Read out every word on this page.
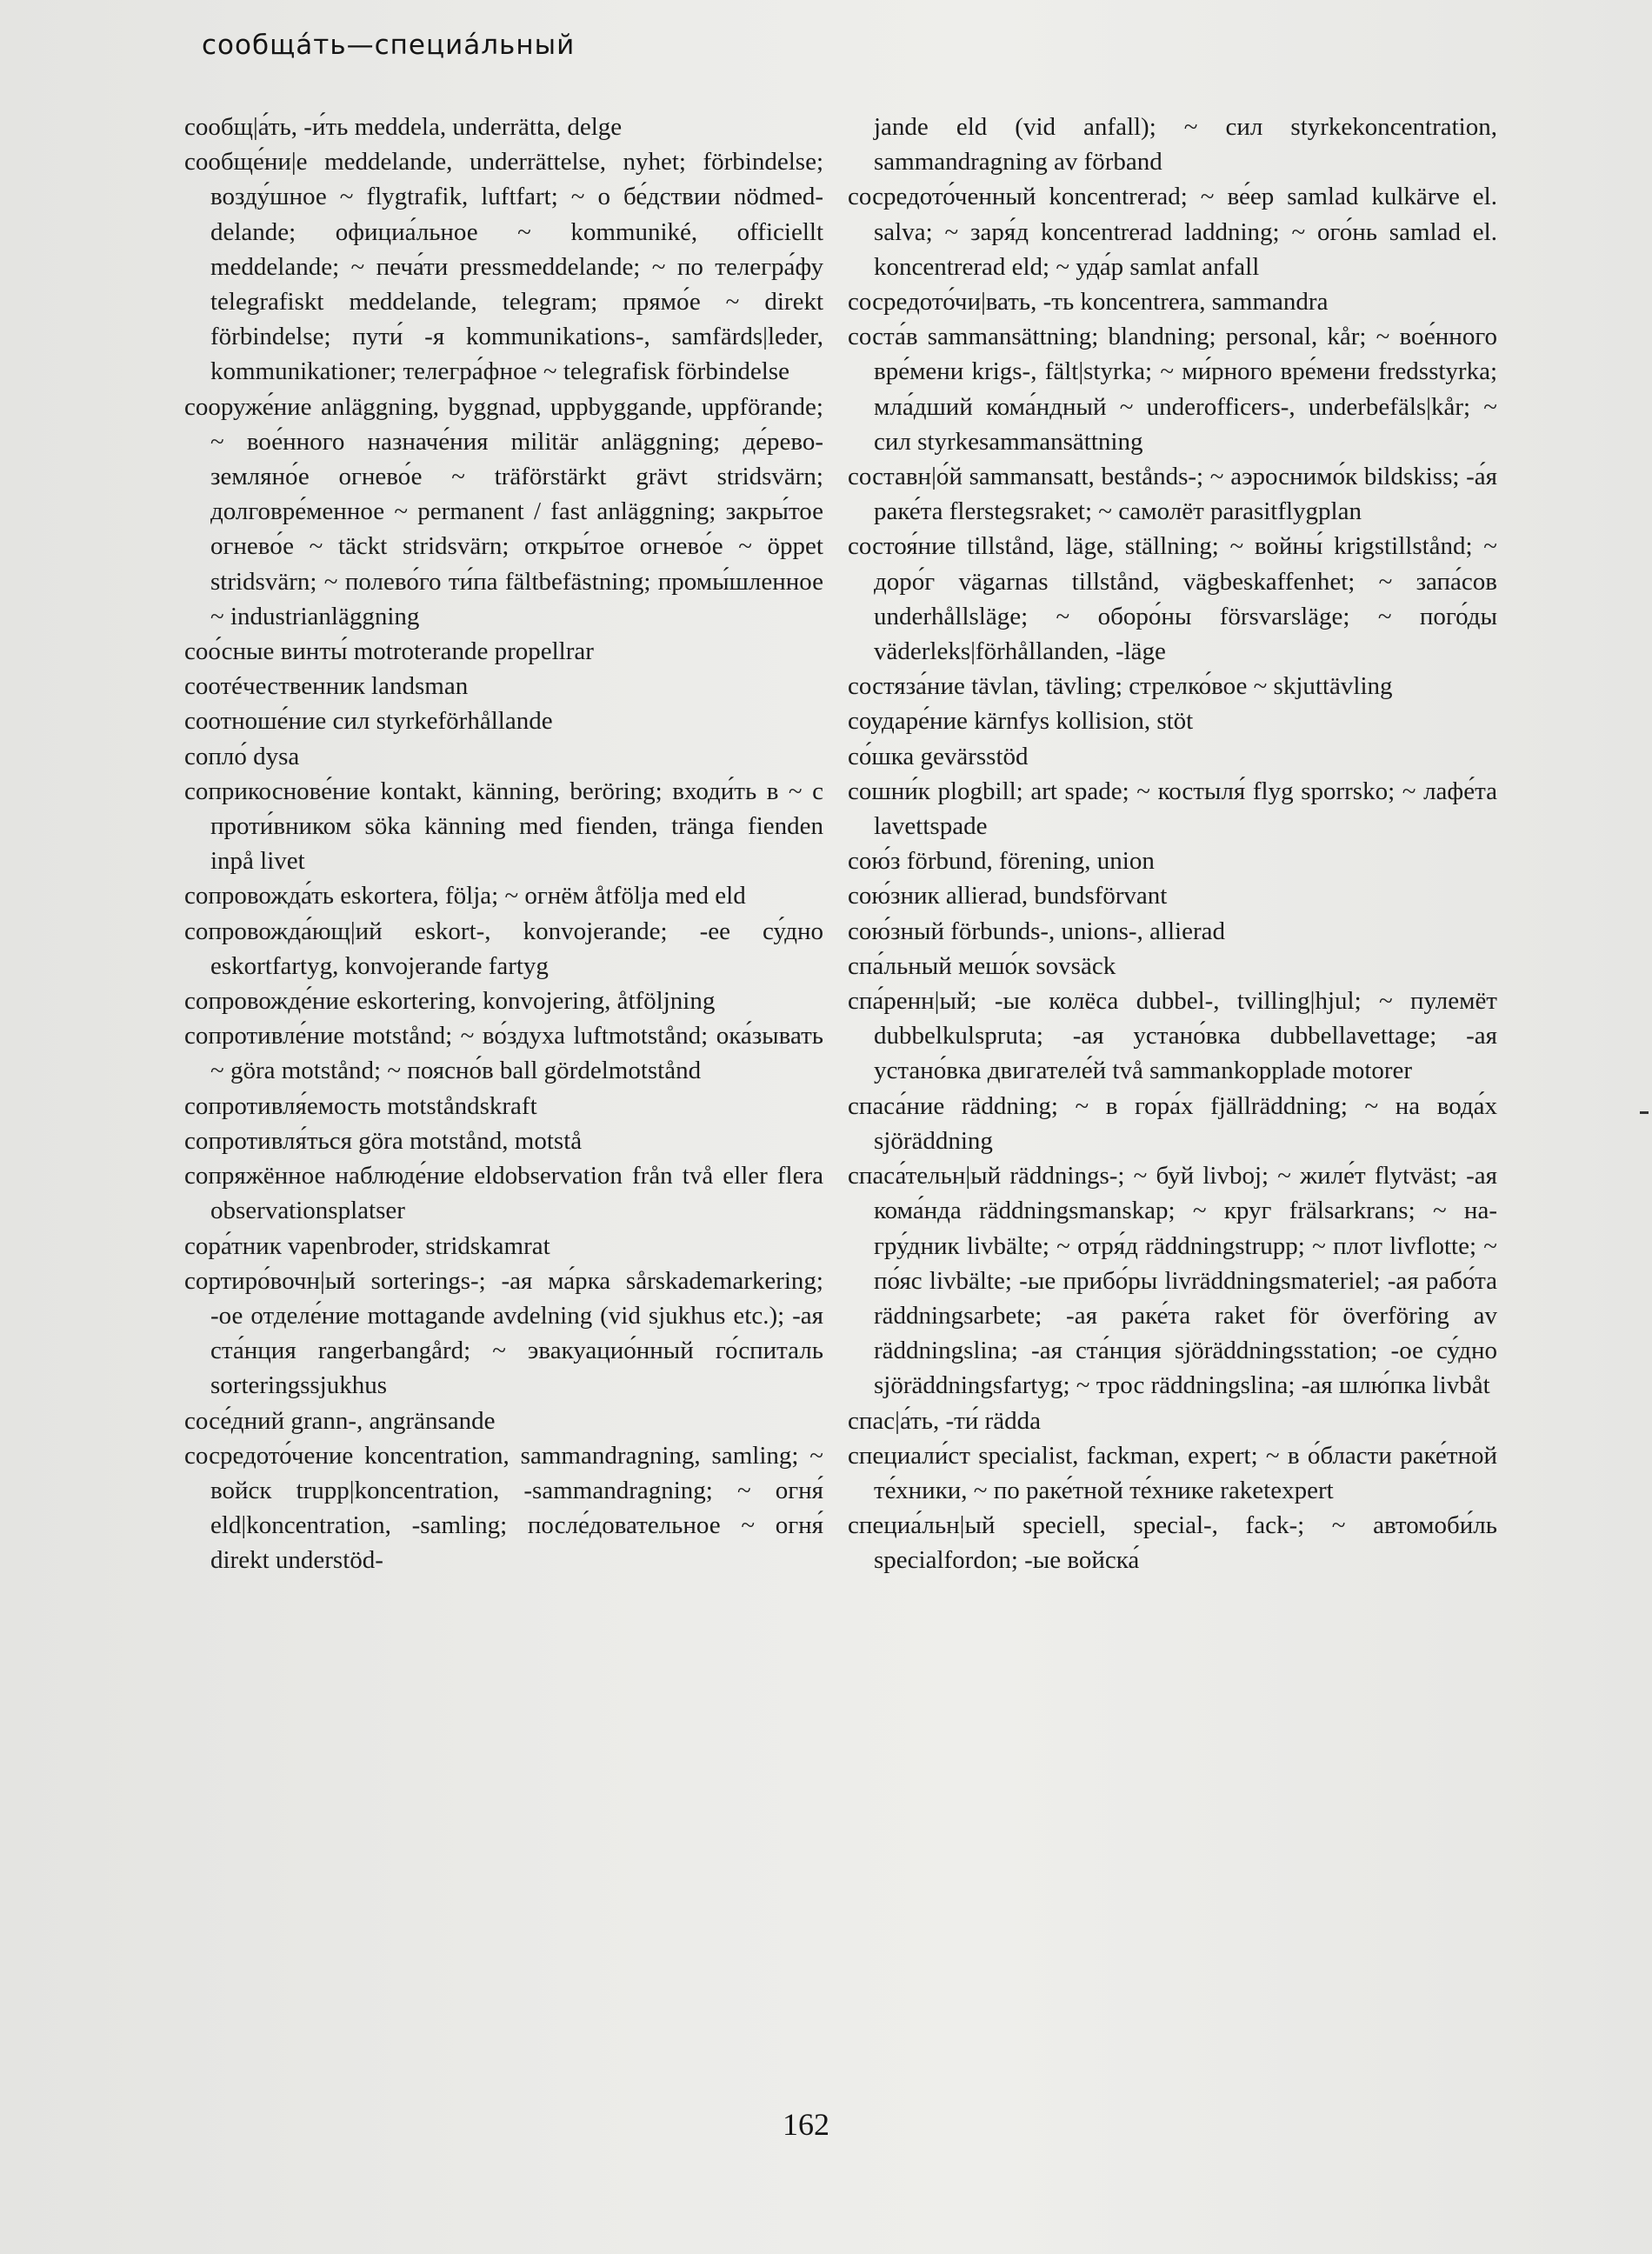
сообща́ть—специа́льный

сообщ|а́ть, -и́ть meddela, underrätta, delge

сообще́ни|е meddelande, underrättelse, nyhet; förbindelse; возду́шное ~ flygtrafik, luftfart; ~ о бе́дствии nödmeddelande; официа́льное ~ kommuniké, officiellt meddelande; ~ печа́ти pressmeddelande; ~ по телегра́фу telegrafiskt meddelande, telegram; прямо́е ~ direkt förbindelse; пути́ -я kommunikations-, samfärds|leder, kommunikationer; телегра́фное ~ telegrafisk förbindelse

сооруже́ние anläggning, byggnad, uppbyggande, uppförande; ~ вое́нного назначе́ния militär anläggning; де́рево-земляно́е огнево́е ~ träförstärkt grävt stridsvärn; долговре́менное ~ permanent / fast anläggning; закры́тое огнево́е ~ täckt stridsvärn; откры́тое огнево́е ~ öppet stridsvärn; ~ полево́го ти́па fältbefästning; промы́шленное ~ industrianläggning

соо́сные винты́ motroterande propellrar

соотéчественник landsman

соотноше́ние сил styrkeförhållande

сопло́ dysa

соприкоснове́ние kontakt, känning, beröring; входи́ть в ~ с проти́вником söka känning med fienden, tränga fienden inpå livet

сопровожда́ть eskortera, följa; ~ огнём åtfölja med eld

сопровожда́ющ|ий eskort-, konvojerande; -ее су́дно eskortfartyg, konvojerande fartyg

сопровожде́ние eskortering, konvojering, åtföljning

сопротивле́ние motstånd; ~ во́здуха luftmotstånd; ока́зывать ~ göra motstånd; ~ поясно́в ball gördelmotstånd

сопротивля́емость motståndskraft

сопротивля́ться göra motstånd, motstå

сопряжённое наблюде́ние eldobservation från två eller flera observationsplatser

сора́тник vapenbroder, stridskamrat

сортиро́вочн|ый sorterings-; -ая ма́рка sårskademarkering; -ое отделе́ние mottagande avdelning (vid sjukhus etc.); -ая ста́нция rangerbangård; ~ эвакуацио́нный го́спиталь sorteringssjukhus

сосе́дний grann-, angränsande

сосредото́чение koncentration, sammandragning, samling; ~ войск trupp|koncentration, -sammandragning; ~ огня́ eld|koncentration, -samling; после́довательное ~ огня́ direkt understöd-

jande eld (vid anfall); ~ сил styrkekoncentration, sammandragning av förband

сосредото́ченный koncentrerad; ~ ве́ер samlad kulkärve el. salva; ~ заря́д koncentrerad laddning; ~ ого́нь samlad el. koncentrerad eld; ~ уда́р samlat anfall

сосредото́чи|вать, -ть koncentrera, sammandra

соста́в sammansättning; blandning; personal, kår; ~ вое́нного вре́мени krigs-, fält|styrka; ~ ми́рного вре́мени fredsstyrka; мла́дший кома́ндный ~ underofficers-, underbefäls|kår; ~ сил styrkesammansättning

составн|о́й sammansatt, bestånds-; ~ аэроснимо́к bildskiss; -а́я раке́та flerstegsraket; ~ самолёт parasitflygplan

состоя́ние tillstånd, läge, ställning; ~ войны́ krigstillstånd; ~ доро́г vägarnas tillstånd, vägbeskaffenhet; ~ запа́сов underhållsläge; ~ оборо́ны försvarsläge; ~ пого́ды väderleks|förhållanden, -läge

состяза́ние tävlan, tävling; стрелко́вое ~ skjuttävling

соударе́ние kärnfys kollision, stöt

со́шка gevärsstöd

сошни́к plogbill; art spade; ~ костыля́ flyg sporrsko; ~ лафе́та lavettspade

сою́з förbund, förening, union

сою́зник allierad, bundsförvant

сою́зный förbunds-, unions-, allierad

спа́льный мешо́к sovsäck

спа́ренн|ый; -ые колёса dubbel-, tvilling|hjul; ~ пулемёт dubbelkulspruta; -ая устано́вка dubbellavettage; -ая устано́вка двигателе́й två sammankopplade motorer

спаса́ние räddning; ~ в гора́х fjällräddning; ~ на вода́х sjöräddning

спаса́тельн|ый räddnings-; ~ буй livboj; ~ жиле́т flytväst; -ая кома́нда räddningsmanskap; ~ круг frälsarkrans; ~ нагру́дник livbälte; ~ отря́д räddningstrupp; ~ плот livflotte; ~ по́яс livbälte; -ые прибо́ры livräddningsmateriel; -ая рабо́та räddningsarbete; -ая раке́та raket för överföring av räddningslina; -ая ста́нция sjöräddningsstation; -ое су́дно sjöräddningsfartyg; ~ трос räddningslina; -ая шлю́пка livbåt

спас|а́ть, -ти́ rädda

специали́ст specialist, fackman, expert; ~ в о́бласти раке́тной те́хники, ~ по раке́тной те́хнике raketexpert

специа́льн|ый speciell, special-, fack-; ~ автомоби́ль specialfordon; -ые войска́

162
